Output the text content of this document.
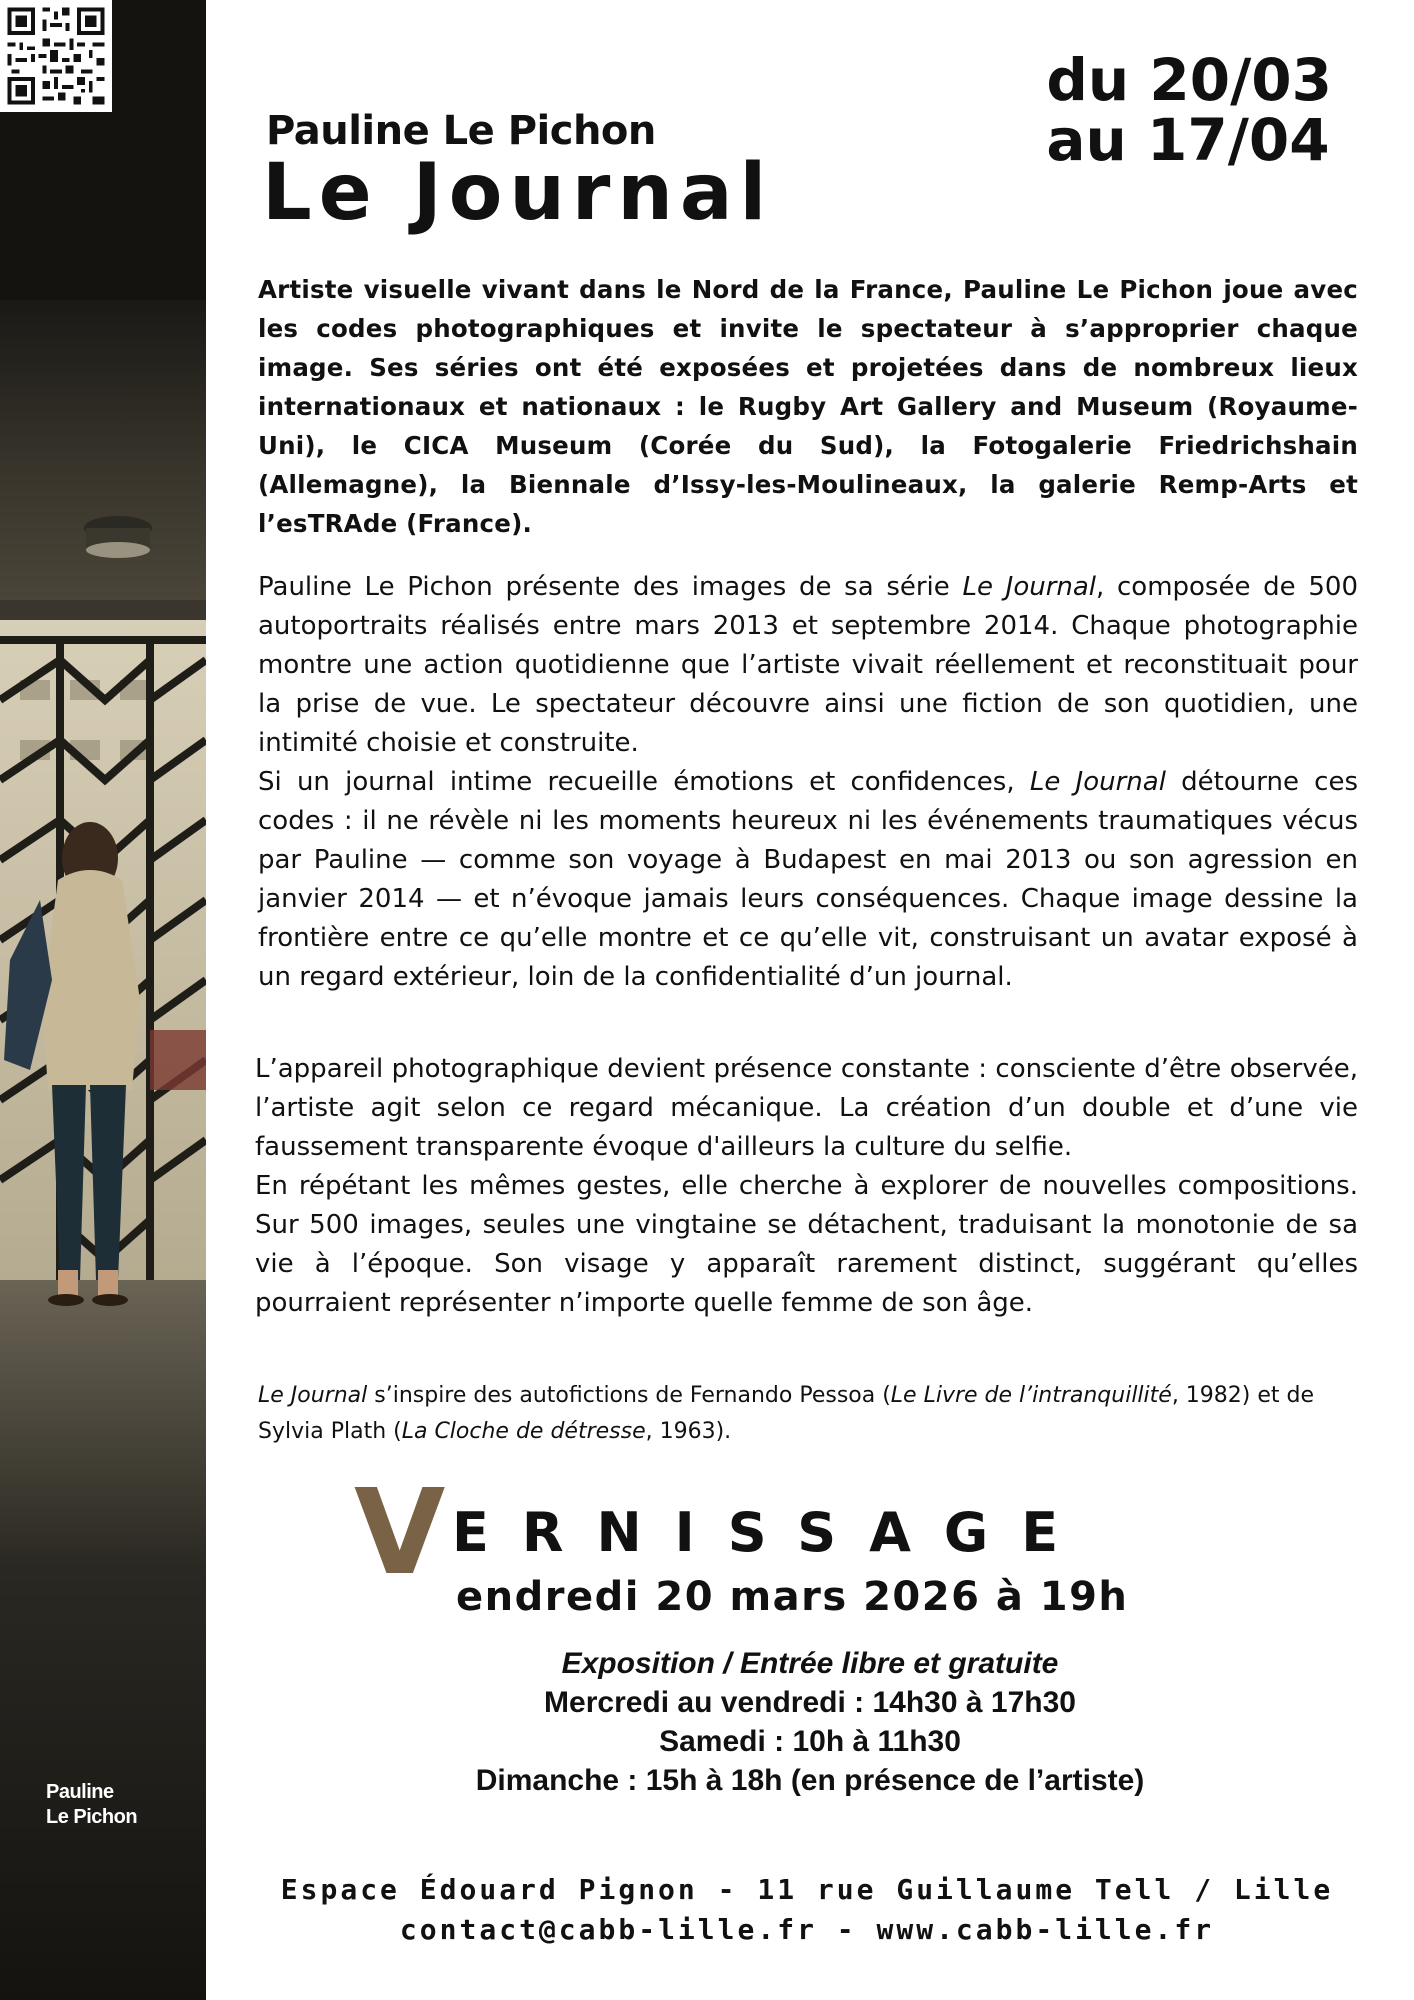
Pauline
Le Pichon
Pauline Le Pichon
Le Journal
du 20/03
au 17/04
Artiste visuelle vivant dans le Nord de la France, Pauline Le Pichon joue avec les codes photographiques et invite le spectateur à s’approprier chaque image. Ses séries ont été exposées et projetées dans de nombreux lieux internationaux et nationaux : le Rugby Art Gallery and Museum (Royaume-Uni), le CICA Museum (Corée du Sud), la Fotogalerie Friedrichshain (Allemagne), la Biennale d’Issy-les-Moulineaux, la galerie Remp-Arts et l’esTRAde (France).

Pauline Le Pichon présente des images de sa série Le Journal, composée de 500 autoportraits réalisés entre mars 2013 et septembre 2014. Chaque photographie montre une action quotidienne que l’artiste vivait réellement et reconstituait pour la prise de vue. Le spectateur découvre ainsi une fiction de son quotidien, une intimité choisie et construite.

Si un journal intime recueille émotions et confidences, Le Journal détourne ces codes : il ne révèle ni les moments heureux ni les événements traumatiques vécus par Pauline — comme son voyage à Budapest en mai 2013 ou son agression en janvier 2014 — et n’évoque jamais leurs conséquences. Chaque image dessine la frontière entre ce qu’elle montre et ce qu’elle vit, construisant un avatar exposé à un regard extérieur, loin de la confidentialité d’un journal.

L’appareil photographique devient présence constante : consciente d’être observée, l’artiste agit selon ce regard mécanique. La création d’un double et d’une vie faussement transparente évoque d'ailleurs la culture du selfie.

En répétant les mêmes gestes, elle cherche à explorer de nouvelles compositions. Sur 500 images, seules une vingtaine se détachent, traduisant la monotonie de sa vie à l’époque. Son visage y apparaît rarement distinct, suggérant qu’elles pourraient représenter n’importe quelle femme de son âge.

Le Journal s’inspire des autofictions de Fernando Pessoa (Le Livre de l’intranquillité, 1982) et de Sylvia Plath (La Cloche de détresse, 1963).
V ERNISSAGE
endredi 20 mars 2026 à 19h
Exposition / Entrée libre et gratuite
Mercredi au vendredi : 14h30 à 17h30
Samedi : 10h à 11h30
Dimanche : 15h à 18h (en présence de l’artiste)
Espace Édouard Pignon - 11 rue Guillaume Tell / Lille
contact@cabb-lille.fr - www.cabb-lille.fr
